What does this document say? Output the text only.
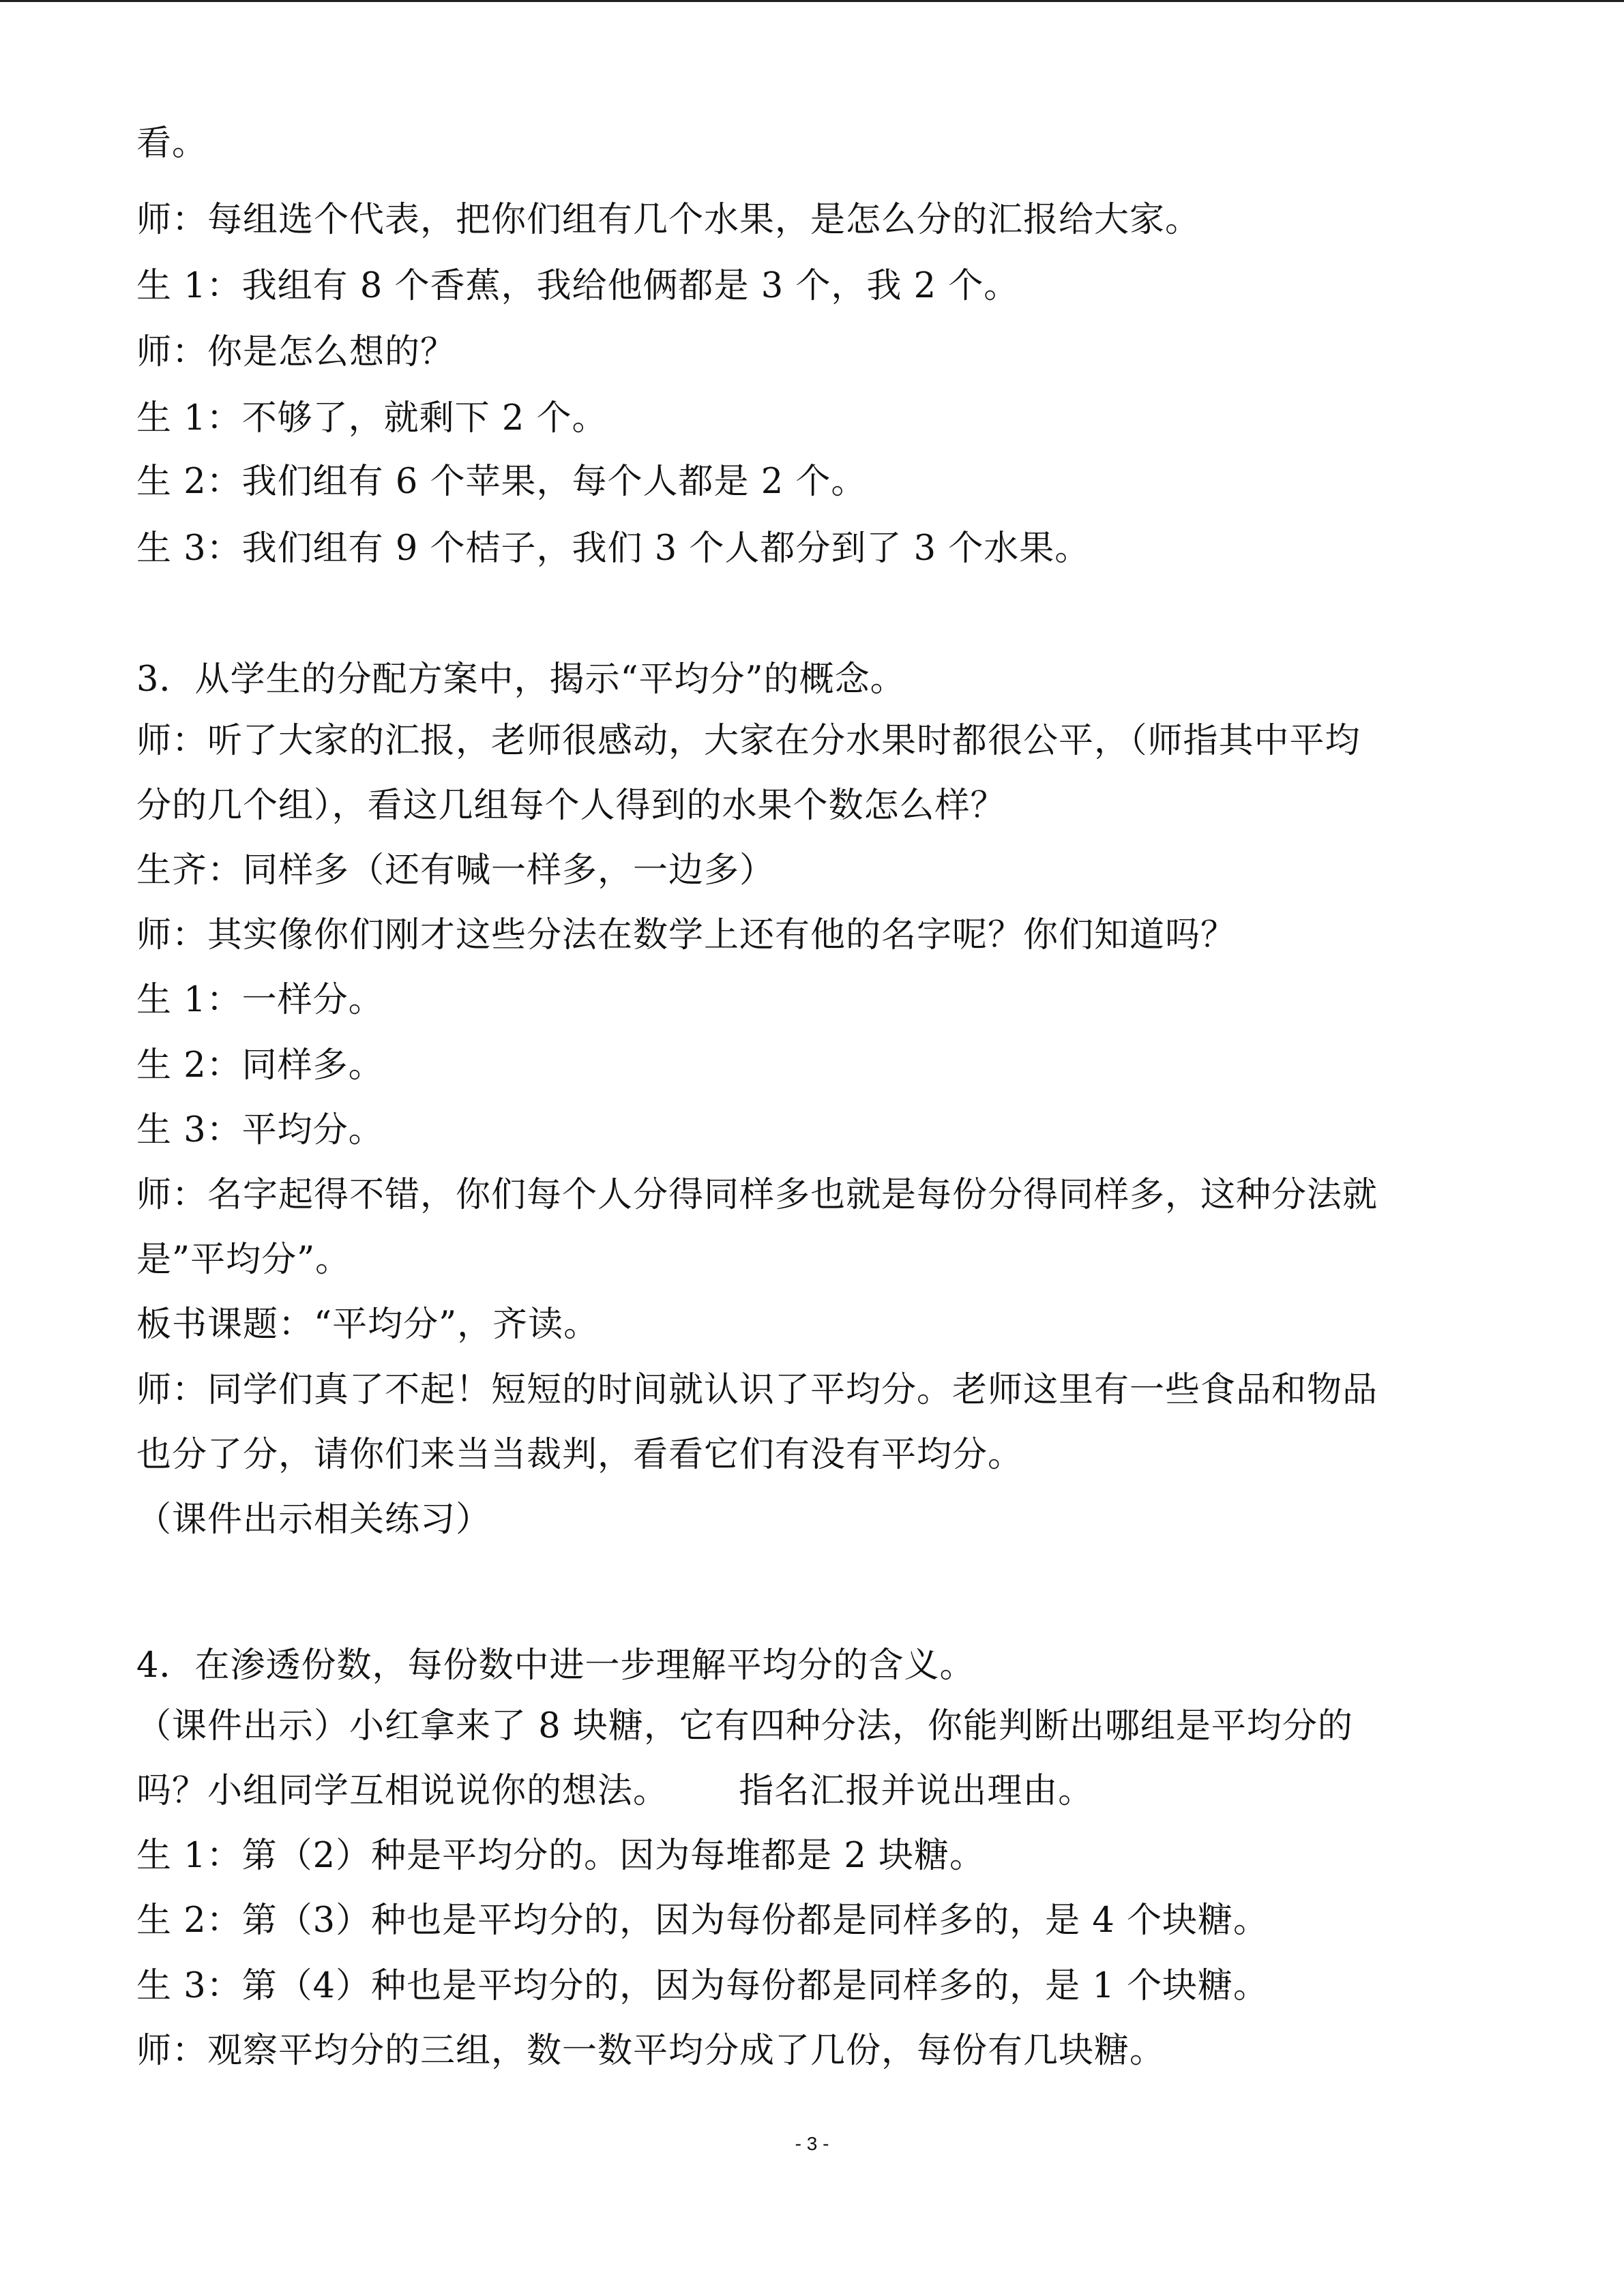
看。

师：每组选个代表，把你们组有几个水果，是怎么分的汇报给大家。

生 1：我组有 8 个香蕉，我给他俩都是 3 个，我 2 个。

师：你是怎么想的？

生 1：不够了，就剩下 2 个。

生 2：我们组有 6 个苹果，每个人都是 2 个。

生 3：我们组有 9 个桔子，我们 3 个人都分到了 3 个水果。

3．从学生的分配方案中，揭示“平均分”的概念。

师：听了大家的汇报，老师很感动，大家在分水果时都很公平，（师指其中平均

分的几个组），看这几组每个人得到的水果个数怎么样？

生齐：同样多（还有喊一样多，一边多）

师：其实像你们刚才这些分法在数学上还有他的名字呢？你们知道吗？

生 1：一样分。

生 2：同样多。

生 3：平均分。

师：名字起得不错，你们每个人分得同样多也就是每份分得同样多，这种分法就

是”平均分”。

板书课题：“平均分”，齐读。

师：同学们真了不起！短短的时间就认识了平均分。老师这里有一些食品和物品

也分了分，请你们来当当裁判，看看它们有没有平均分。

（课件出示相关练习）

4．在渗透份数，每份数中进一步理解平均分的含义。

（课件出示）小红拿来了 8 块糖，它有四种分法，你能判断出哪组是平均分的

吗？小组同学互相说说你的想法。      指名汇报并说出理由。

生 1：第（2）种是平均分的。因为每堆都是 2 块糖。

生 2：第（3）种也是平均分的，因为每份都是同样多的，是 4 个块糖。

生 3：第（4）种也是平均分的，因为每份都是同样多的，是 1 个块糖。

师：观察平均分的三组，数一数平均分成了几份，每份有几块糖。

- 3 -
